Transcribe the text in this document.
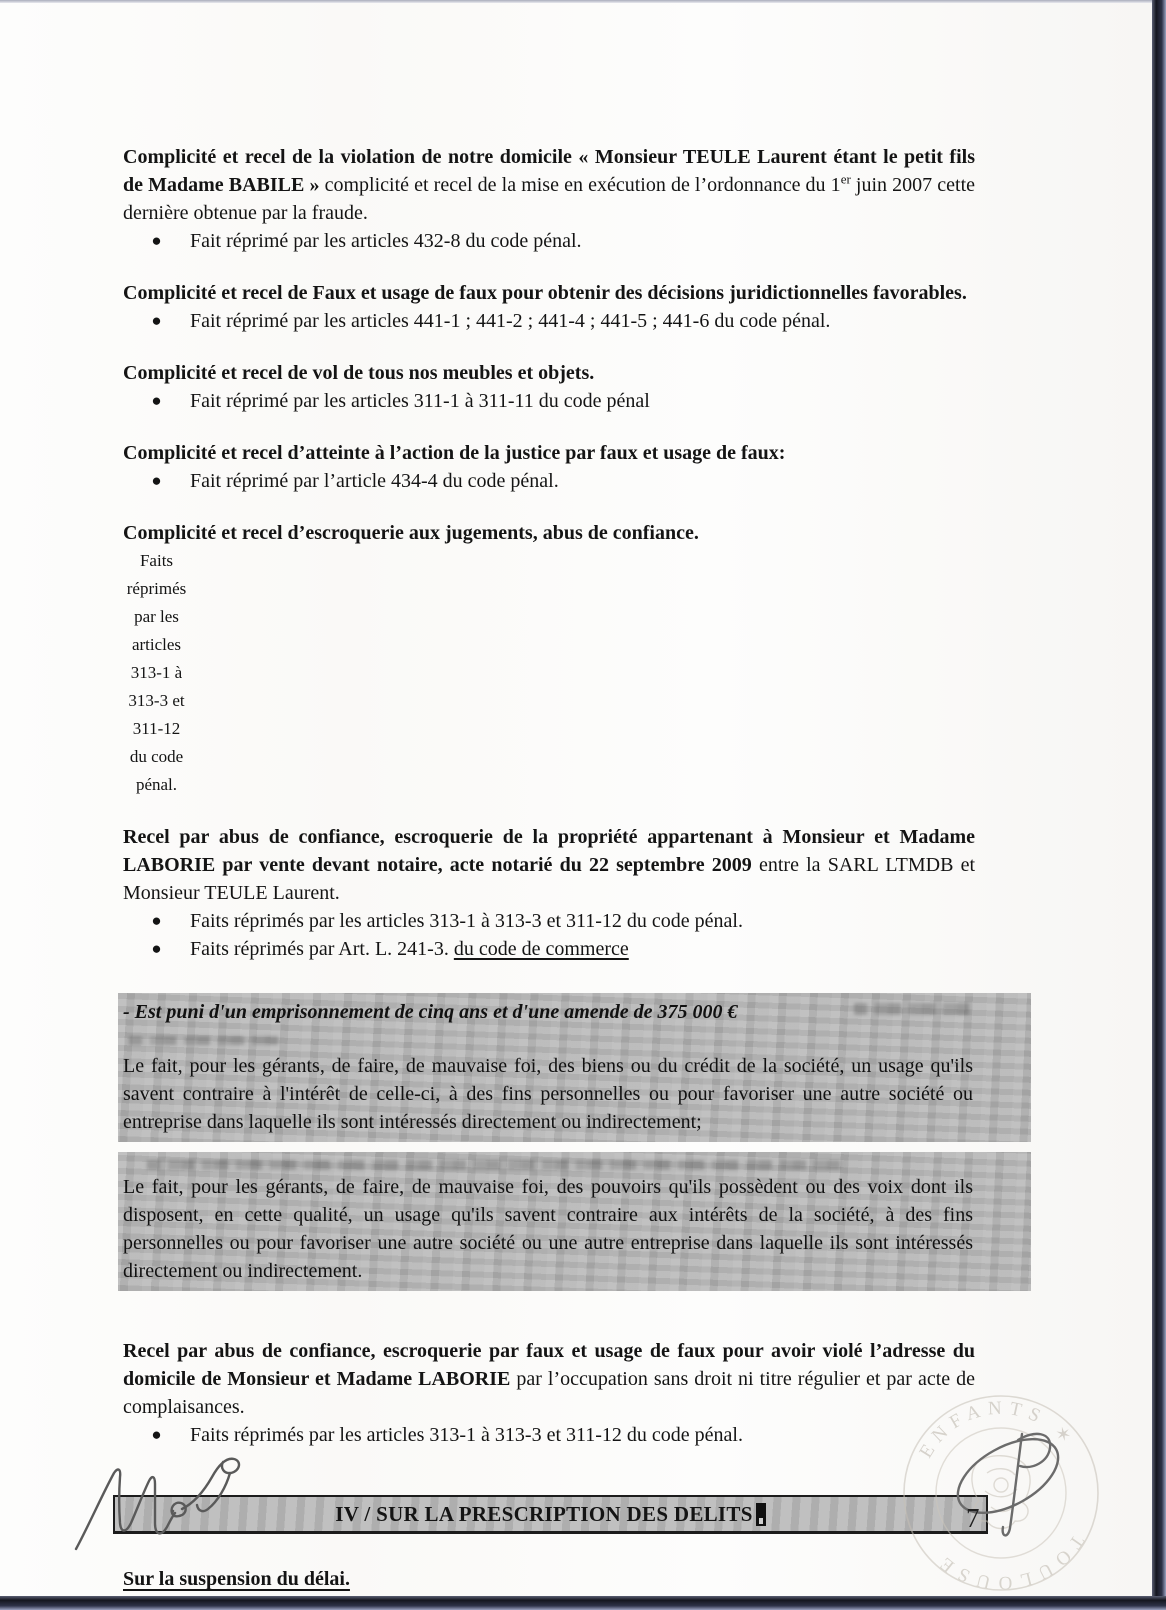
Complicité et recel de la violation de notre domicile « Monsieur TEULE Laurent étant le petit fils de Madame BABILE » complicité et recel de la mise en exécution de l’ordonnance du 1er juin 2007 cette dernière obtenue par la fraude.

●	Fait réprimé par les articles 432-8 du code pénal.

Complicité et recel de Faux et usage de faux pour obtenir des décisions juridictionnelles favorables.

●	Fait réprimé par les articles 441-1 ; 441-2 ; 441-4 ; 441-5 ; 441-6 du code pénal.

Complicité et recel de vol de tous nos meubles et objets.

●	Fait réprimé par les articles 311-1 à 311-11 du code pénal

Complicité et recel d’atteinte à l’action de la justice par faux et usage de faux:

●	Fait réprimé par l’article 434-4 du code pénal.

Complicité et recel d’escroquerie aux jugements, abus de confiance.

Faits réprimés par les articles 313-1 à 313-3 et 311-12 du code pénal.

Recel par abus de confiance, escroquerie de la propriété appartenant à Monsieur et Madame LABORIE par vente devant notaire, acte notarié du 22 septembre 2009 entre la SARL LTMDB et Monsieur TEULE Laurent.

●	Faits réprimés par les articles 313-1 à 313-3 et 311-12 du code pénal.
●	Faits réprimés par Art. L. 241-3. du code de commerce

- Est puni d'un emprisonnement de cinq ans et d'une amende de 375 000 €

Le fait, pour les gérants, de faire, de mauvaise foi, des biens ou du crédit de la société, un usage qu'ils savent contraire à l'intérêt de celle-ci, à des fins personnelles ou pour favoriser une autre société ou entreprise dans laquelle ils sont intéressés directement ou indirectement;

Le fait, pour les gérants, de faire, de mauvaise foi, des pouvoirs qu'ils possèdent ou des voix dont ils disposent, en cette qualité, un usage qu'ils savent contraire aux intérêts de la société, à des fins personnelles ou pour favoriser une autre société ou une autre entreprise dans laquelle ils sont intéressés directement ou indirectement.

Recel par abus de confiance, escroquerie par faux et usage de faux pour avoir violé l’adresse du domicile de Monsieur et Madame LABORIE par l’occupation sans droit ni titre régulier et par acte de complaisances.

●	Faits réprimés par les articles 313-1 à 313-3 et 311-12 du code pénal.
IV / SUR LA PRESCRIPTION DES DELITS

Sur la suspension du délai.

ENFANTS ✶
TOULOUSE
7
